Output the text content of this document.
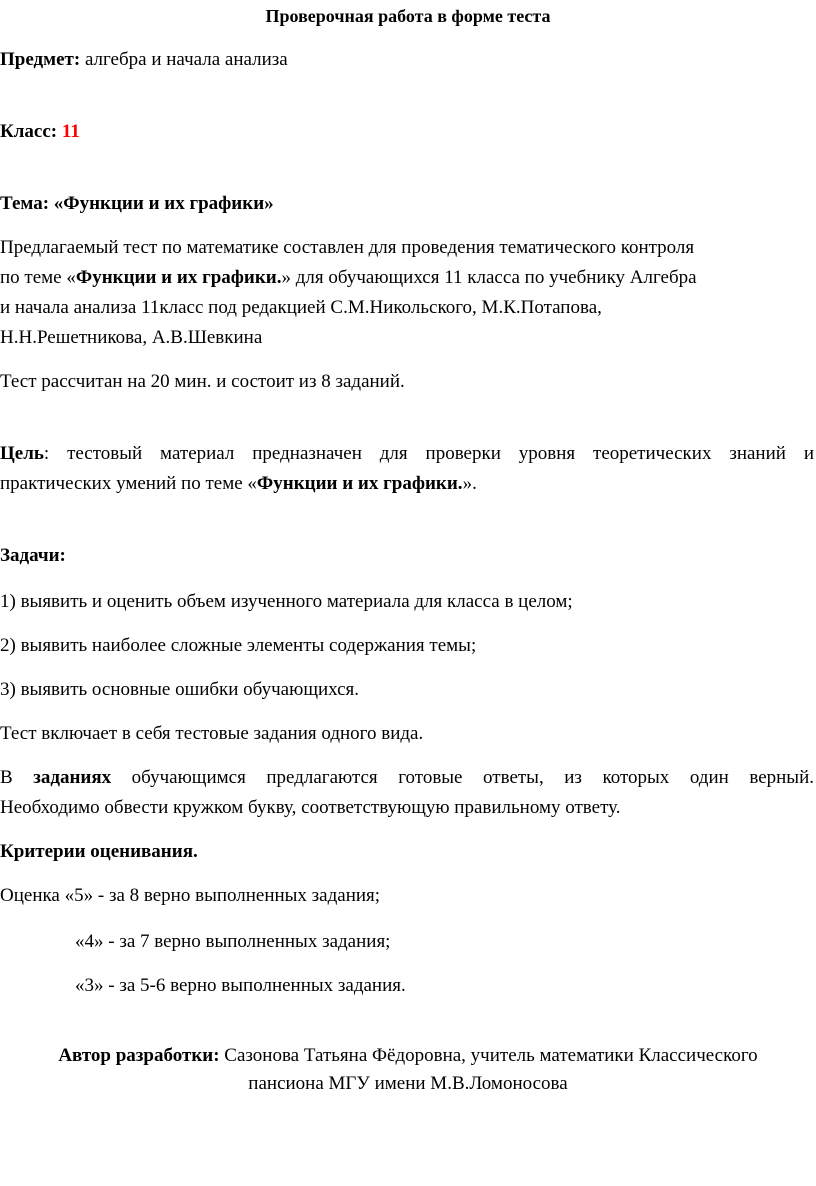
Проверочная работа в форме теста
Предмет: алгебра и начала анализа
Класс: 11
Тема: «Функции и их графики»
Предлагаемый тест по математике составлен для проведения тематического контроля
по теме «Функции и их графики.» для обучающихся 11 класса по учебнику Алгебра
и начала анализа 11класс под редакцией С.М.Никольского, М.К.Потапова,
Н.Н.Решетникова, А.В.Шевкина
Тест рассчитан на 20 мин. и состоит из 8 заданий.
Цель: тестовый материал предназначен для проверки уровня теоретических знаний и
практических умений по теме «Функции и их графики.».
Задачи:
1) выявить и оценить объем изученного материала для класса в целом;
2) выявить наиболее сложные элементы содержания темы;
3) выявить основные ошибки обучающихся.
Тест включает в себя тестовые задания одного вида.
В заданиях обучающимся предлагаются готовые ответы, из которых один верный.
Необходимо обвести кружком букву, соответствующую правильному ответу.
Критерии оценивания.
Оценка «5» - за 8 верно выполненных задания;
«4» - за 7 верно выполненных задания;
«3» - за 5-6 верно выполненных задания.
Автор разработки: Сазонова Татьяна Фёдоровна, учитель математики Классического
пансиона МГУ имени М.В.Ломоносова
